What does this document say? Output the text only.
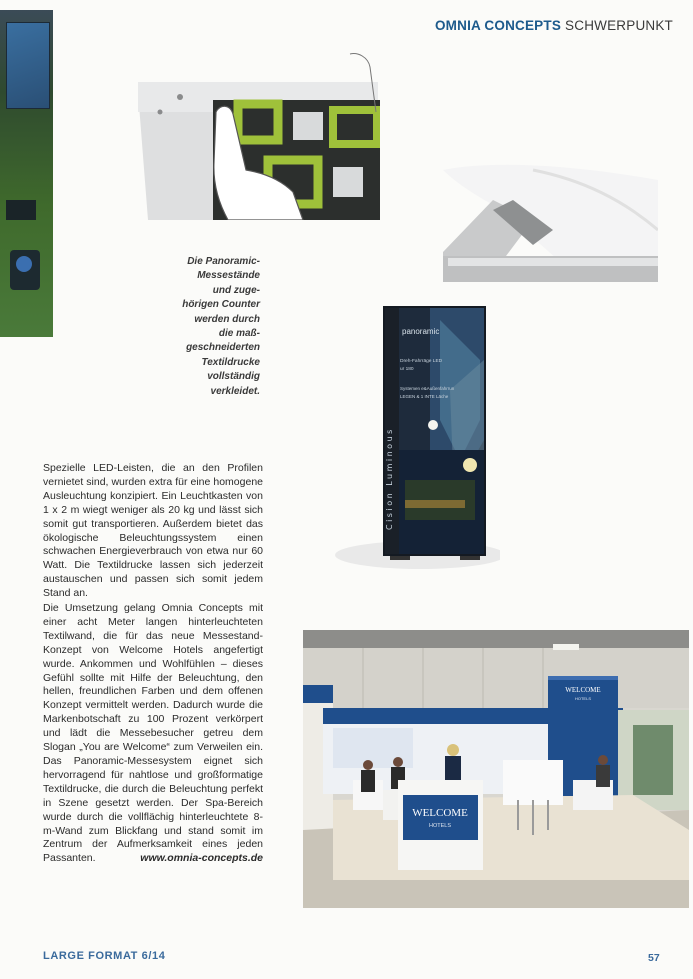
OMNIA CONCEPTS SCHWERPUNKT
Die Panoramic-
Messestände
und zuge-
hörigen Counter
werden durch
die maß-
geschneiderten
Textildrucke
vollständig
verkleidet.
Cision Luminous
panoramic
Dreh-Fahrräge LED
ur 180
Systemen e&Außenfahrrun
LEGEN & 1 INTE Läche
Spezielle LED-Leisten, die an den Profilen vernietet sind, wurden extra für eine homogene Ausleuchtung konzipiert. Ein Leuchtkasten von 1 x 2 m wiegt weniger als 20 kg und lässt sich somit gut transportieren. Außerdem bietet das ökologische Beleuchtungssystem einen schwachen Energieverbrauch von etwa nur 60 Watt. Die Textildrucke lassen sich jederzeit austauschen und passen sich somit jedem Stand an.
Die Umsetzung gelang Omnia Concepts mit einer acht Meter langen hinterleuchteten Textilwand, die für das neue Messestand-Konzept von Welcome Hotels angefertigt wurde. Ankommen und Wohlfühlen – dieses Gefühl sollte mit Hilfe der Beleuchtung, den hellen, freundlichen Farben und dem offenen Konzept vermittelt werden. Dadurch wurde die Markenbotschaft zu 100 Prozent verkörpert und lädt die Messebesucher getreu dem Slogan „You are Welcome“ zum Verweilen ein. Das Panoramic-Messesystem eignet sich hervorragend für nahtlose und großformatige Textildrucke, die durch die Beleuchtung perfekt in Szene gesetzt werden. Der Spa-Bereich wurde durch die vollflächig hinterleuchtete 8-m-Wand zum Blickfang und stand somit im Zentrum der Aufmerksamkeit eines jeden Passanten.	www.omnia-concepts.de
WELCOME
HOTELS
WELCOME
HOTELS
LARGE FORMAT 6/14	57
